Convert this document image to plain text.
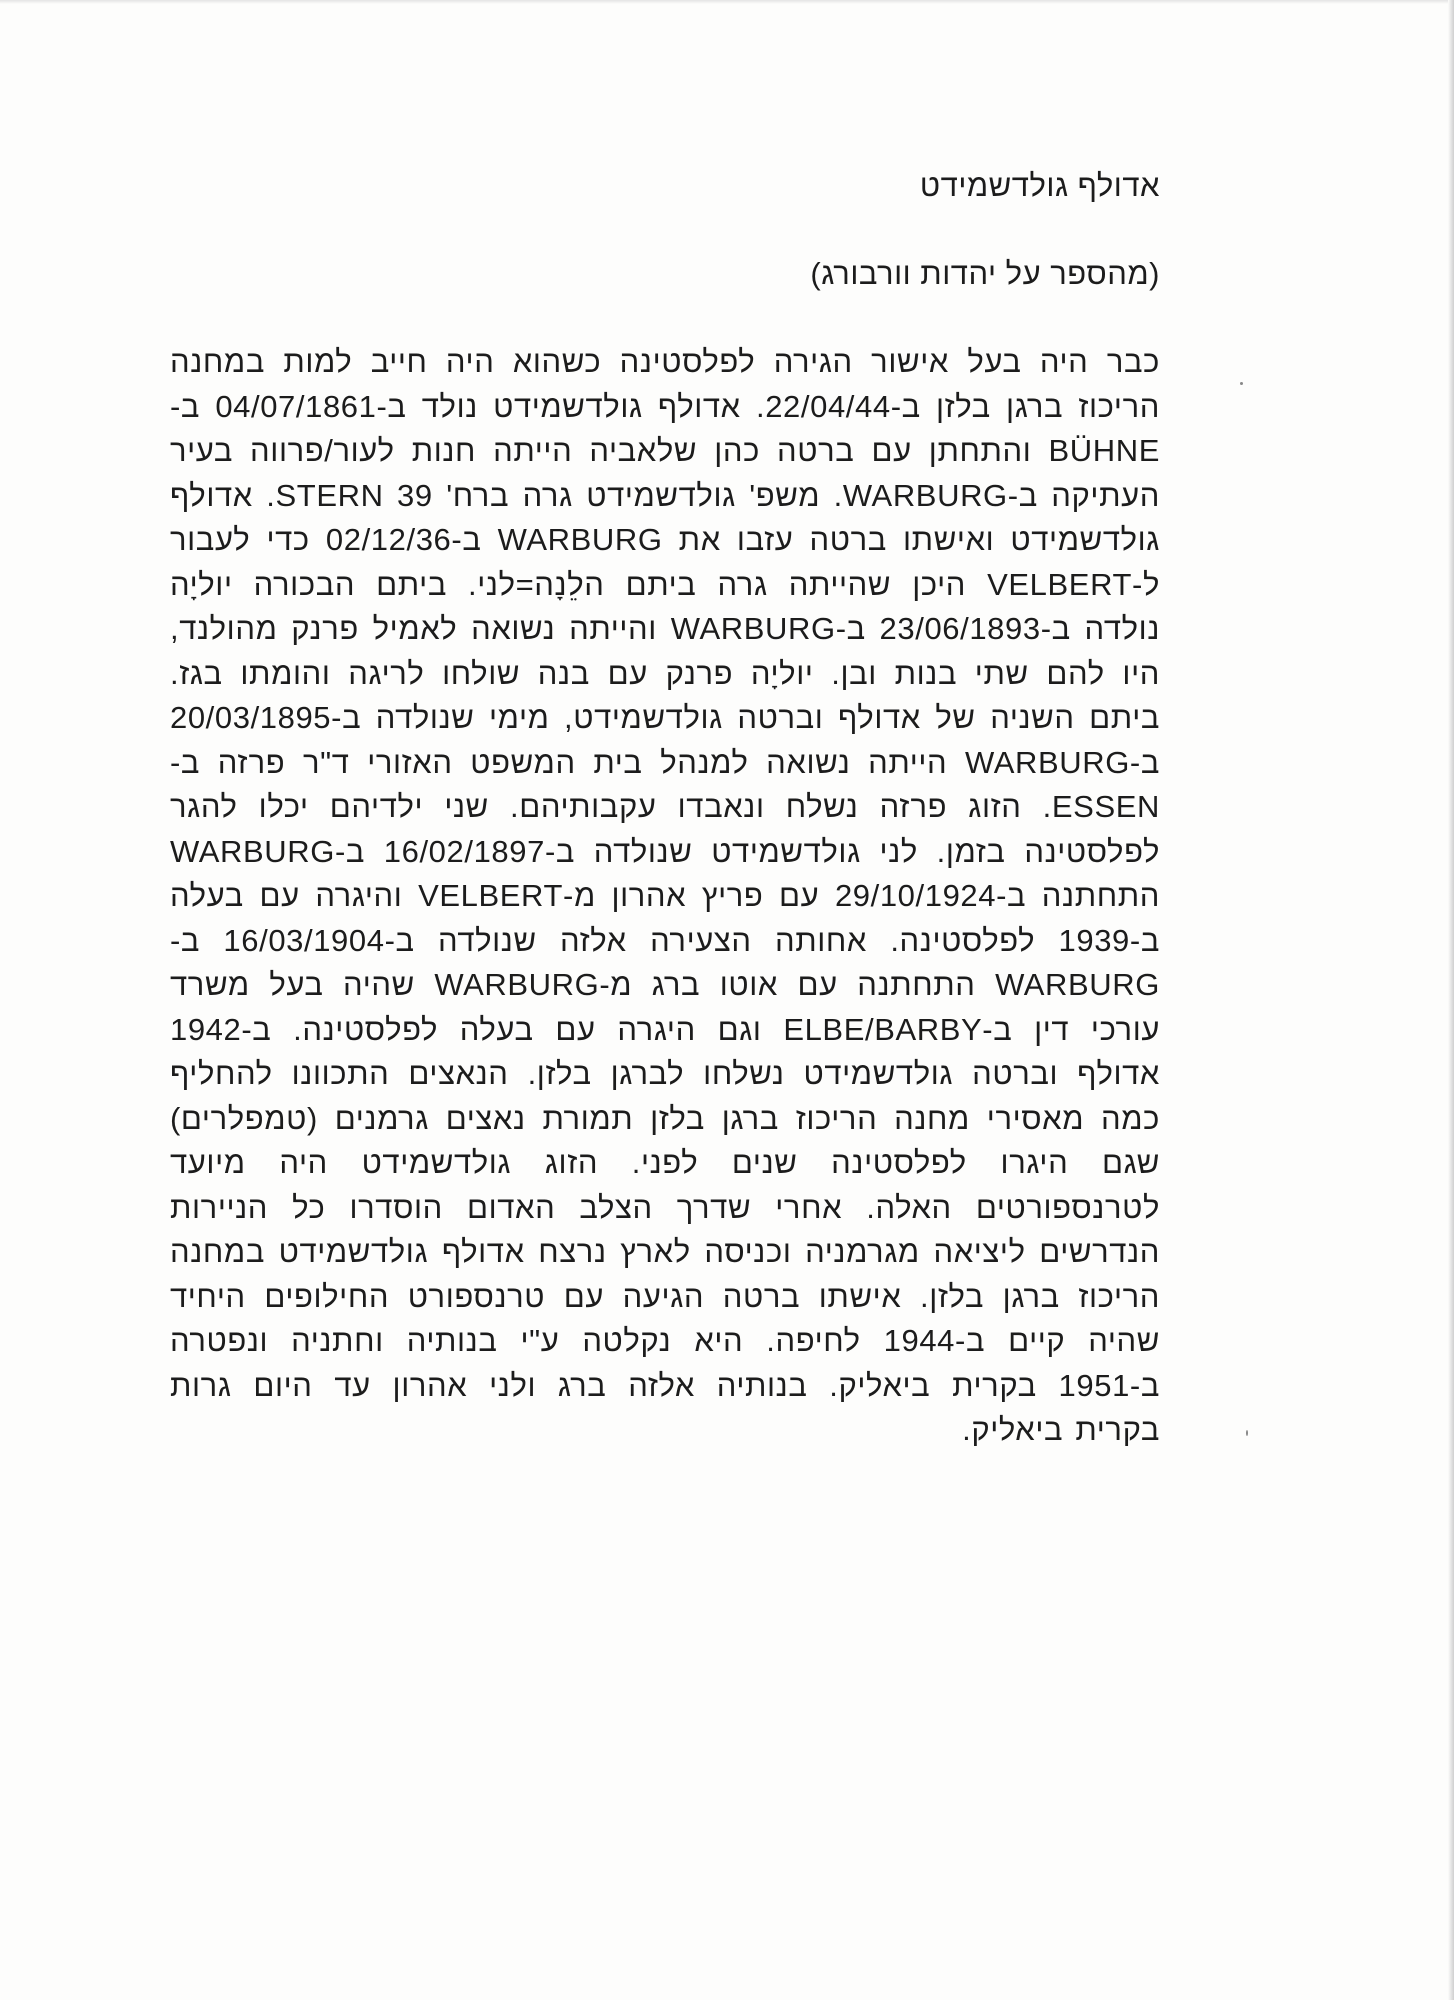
אדולף גולדשמידט
(מהספר על יהדות וורבורג)

כבר היה בעל אישור הגירה לפלסטינה כשהוא היה חייב למות במחנה הריכוז ברגן בלזן ב-22/04/44. אדולף גולדשמידט נולד ב-04/07/1861 ב-BÜHNE והתחתן עם ברטה כהן שלאביה הייתה חנות לעור/פרווה בעיר העתיקה ב-WARBURG. משפ' גולדשמידט גרה ברח' STERN 39. אדולף גולדשמידט ואישתו ברטה עזבו את WARBURG ב-02/12/36 כדי לעבור ל-VELBERT היכן שהייתה גרה ביתם הלֵנָה=לני. ביתם הבכורה יוליָה נולדה ב-23/06/1893 ב-WARBURG והייתה נשואה לאמיל פרנק מהולנד, היו להם שתי בנות ובן. יוליָה פרנק עם בנה שולחו לריגה והומתו בגז. ביתם השניה של אדולף וברטה גולדשמידט, מימי שנולדה ב-20/03/1895 ב-WARBURG הייתה נשואה למנהל בית המשפט האזורי ד"ר פרזה ב-ESSEN. הזוג פרזה נשלח ונאבדו עקבותיהם. שני ילדיהם יכלו להגר לפלסטינה בזמן. לני גולדשמידט שנולדה ב-16/02/1897 ב-WARBURG התחתנה ב-29/10/1924 עם פריץ אהרון מ-VELBERT והיגרה עם בעלה ב-1939 לפלסטינה. אחותה הצעירה אלזה שנולדה ב-16/03/1904 ב-WARBURG התחתנה עם אוטו ברג מ-WARBURG שהיה בעל משרד עורכי דין ב-ELBE/BARBY וגם היגרה עם בעלה לפלסטינה. ב-1942 אדולף וברטה גולדשמידט נשלחו לברגן בלזן. הנאצים התכוונו להחליף כמה מאסירי מחנה הריכוז ברגן בלזן תמורת נאצים גרמנים (טמפלרים) שגם היגרו לפלסטינה שנים לפני. הזוג גולדשמידט היה מיועד לטרנספורטים האלה. אחרי שדרך הצלב האדום הוסדרו כל הניירות הנדרשים ליציאה מגרמניה וכניסה לארץ נרצח אדולף גולדשמידט במחנה הריכוז ברגן בלזן. אישתו ברטה הגיעה עם טרנספורט החילופים היחיד שהיה קיים ב-1944 לחיפה. היא נקלטה ע"י בנותיה וחתניה ונפטרה ב-1951 בקרית ביאליק. בנותיה אלזה ברג ולני אהרון עד היום גרות בקרית ביאליק.
